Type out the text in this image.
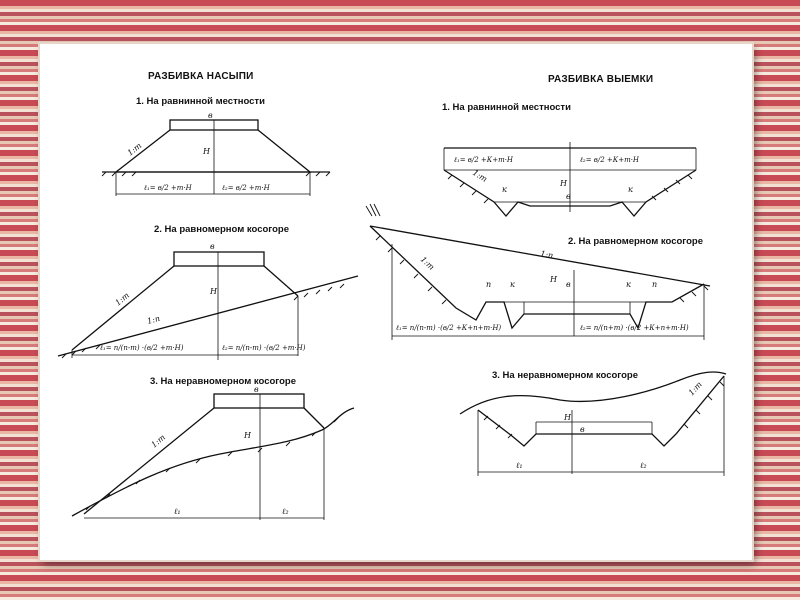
РАЗБИВКА НАСЫПИ
1. На равнинной местности
в
Н
1:m
ℓ₁= в/2 +m·H	ℓ₂= в/2 +m·H
2. На равномерном косогоре
в
Н
1:m
1:n
ℓ₁= n/(n-m) ·(в/2 +m·H)	ℓ₂= n/(n-m) ·(в/2 +m·H)
3. На неравномерном косогоре
в
Н
1:m
ℓ₁	ℓ₂
РАЗБИВКА ВЫЕМКИ
1. На равнинной местности
в
Н
1:m
к	к
ℓ₁= в/2 +К+m·H	ℓ₂= в/2 +К+m·H
2. На равномерном косогоре
в
Н
1:m
1:n
п к	к	п
ℓ₁= n/(n-m) ·(в/2 +К+n+m·H)	ℓ₂= n/(n+m) ·(в/2 +К+n+m·H)
3. На неравномерном косогоре
в
Н
1:m
ℓ₁	ℓ₂
